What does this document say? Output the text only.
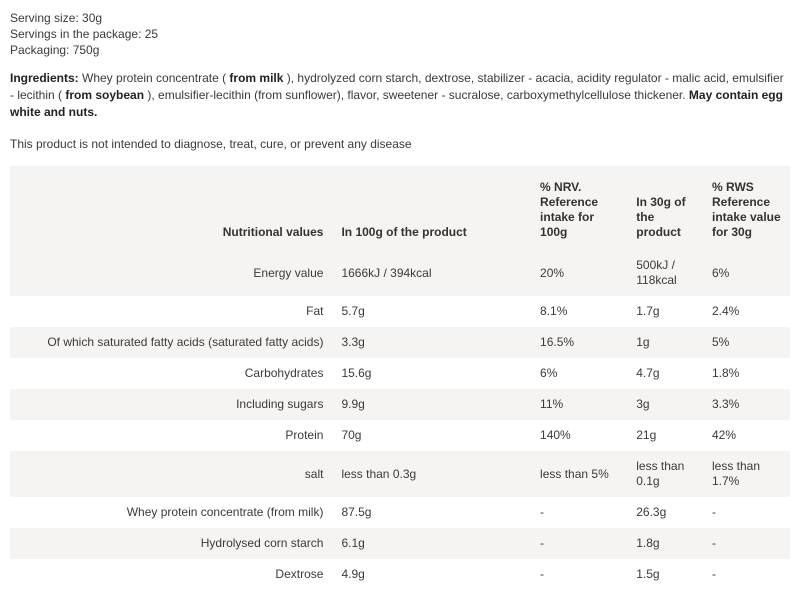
Serving size: 30g
Servings in the package: 25
Packaging: 750g
Ingredients: Whey protein concentrate ( from milk ), hydrolyzed corn starch, dextrose, stabilizer - acacia, acidity regulator - malic acid, emulsifier - lecithin ( from soybean ), emulsifier-lecithin (from sunflower), flavor, sweetener - sucralose, carboxymethylcellulose thickener. May contain egg white and nuts.
This product is not intended to diagnose, treat, cure, or prevent any disease
Nutritional values	In 100g of the product	% NRV. Reference intake for 100g	In 30g of the product	% RWS Reference intake value for 30g
Energy value	1666kJ / 394kcal	20%	500kJ / 118kcal	6%
Fat	5.7g	8.1%	1.7g	2.4%
Of which saturated fatty acids (saturated fatty acids)	3.3g	16.5%	1g	5%
Carbohydrates	15.6g	6%	4.7g	1.8%
Including sugars	9.9g	11%	3g	3.3%
Protein	70g	140%	21g	42%
salt	less than 0.3g	less than 5%	less than 0.1g	less than 1.7%
Whey protein concentrate (from milk)	87.5g	-	26.3g	-
Hydrolysed corn starch	6.1g	-	1.8g	-
Dextrose	4.9g	-	1.5g	-
